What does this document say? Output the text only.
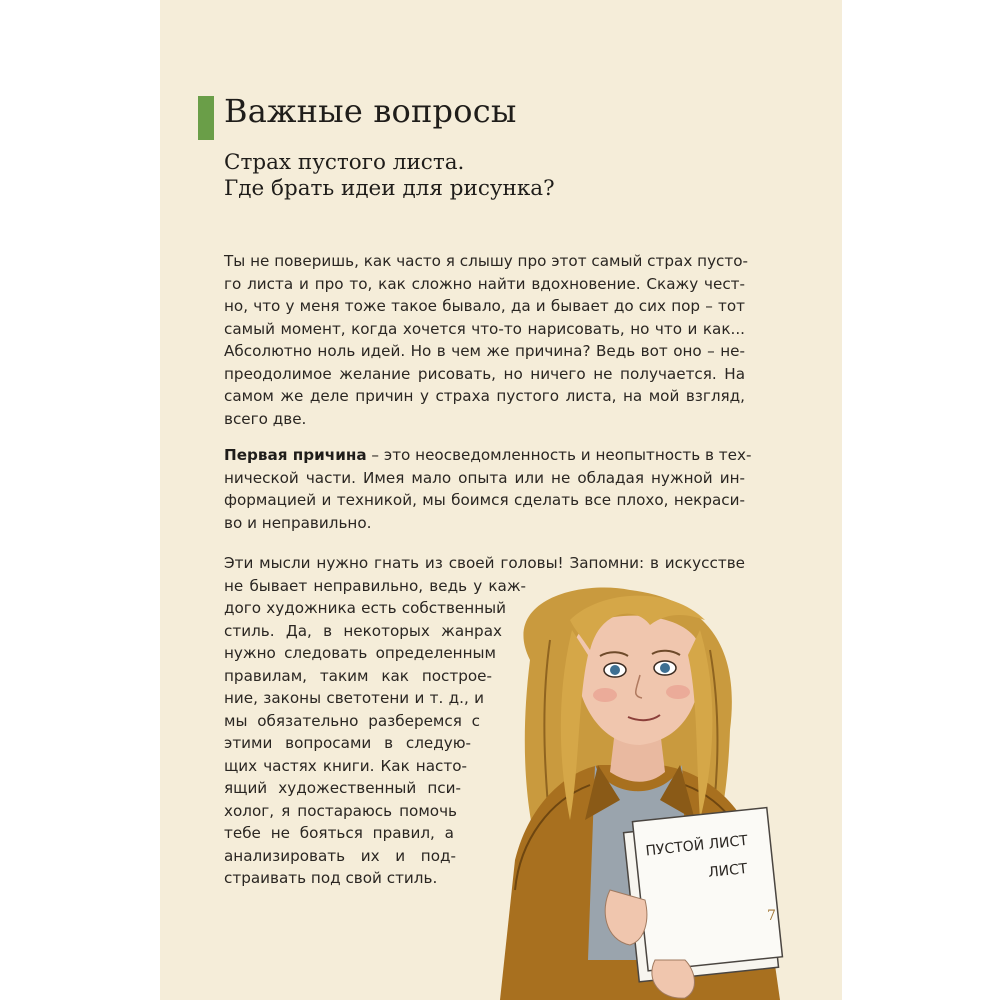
Важные вопросы
Страх пустого листа.
Где брать идеи для рисунка?
Ты не поверишь, как часто я слышу про этот самый страх пусто-
го листа и про то, как сложно найти вдохновение. Скажу чест-
но, что у меня тоже такое бывало, да и бывает до сих пор – тот
самый момент, когда хочется что-то нарисовать, но что и как...
Абсолютно ноль идей. Но в чем же причина? Ведь вот оно – не-
преодолимое желание рисовать, но ничего не получается. На
самом же деле причин у страха пустого листа, на мой взгляд,
всего две.
Первая причина – это неосведомленность и неопытность в тех-
нической части. Имея мало опыта или не обладая нужной ин-
формацией и техникой, мы боимся сделать все плохо, некраси-
во и неправильно.
Эти мысли нужно гнать из своей головы! Запомни: в искусстве
не бывает неправильно, ведь у каж-
дого художника есть собственный
стиль. Да, в некоторых жанрах
нужно следовать определенным
правилам, таким как построе-
ние, законы светотени и т. д., и
мы обязательно разберемся с
этими вопросами в следую-
щих частях книги. Как насто-
ящий художественный пси-
холог, я постараюсь помочь
тебе не бояться правил, а
анализировать их и под-
страивать под свой стиль.
ПУСТОЙ ЛИСТ
ЛИСТ
7
